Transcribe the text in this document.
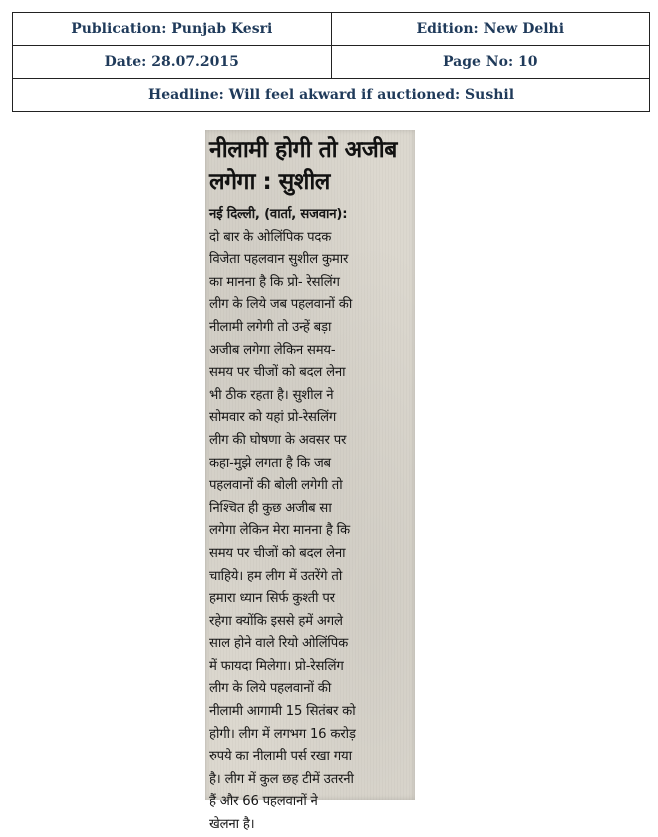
Publication: Punjab Kesri	Edition: New Delhi
Date: 28.07.2015	Page No: 10
Headline: Will feel akward if auctioned: Sushil	
नीलामी होगी तो अजीब
लगेगा : सुशील
नई दिल्ली, (वार्ता, सजवान):
दो बार के ओलिंपिक पदक
विजेता पहलवान सुशील कुमार
का मानना है कि प्रो- रेसलिंग
लीग के लिये जब पहलवानों की
नीलामी लगेगी तो उन्हें बड़ा
अजीब लगेगा लेकिन समय-
समय पर चीजों को बदल लेना
भी ठीक रहता है। सुशील ने
सोमवार को यहां प्रो-रेसलिंग
लीग की घोषणा के अवसर पर
कहा-मुझे लगता है कि जब
पहलवानों की बोली लगेगी तो
निश्चित ही कुछ अजीब सा
लगेगा लेकिन मेरा मानना है कि
समय पर चीजों को बदल लेना
चाहिये। हम लीग में उतरेंगे तो
हमारा ध्यान सिर्फ कुश्ती पर
रहेगा क्योंकि इससे हमें अगले
साल होने वाले रियो ओलिंपिक
में फायदा मिलेगा। प्रो-रेसलिंग
लीग के लिये पहलवानों की
नीलामी आगामी 15 सितंबर को
होगी। लीग में लगभग 16 करोड़
रुपये का नीलामी पर्स रखा गया
है। लीग में कुल छह टीमें उतरनी
हैं और 66 पहलवानों ने
खेलना है।
